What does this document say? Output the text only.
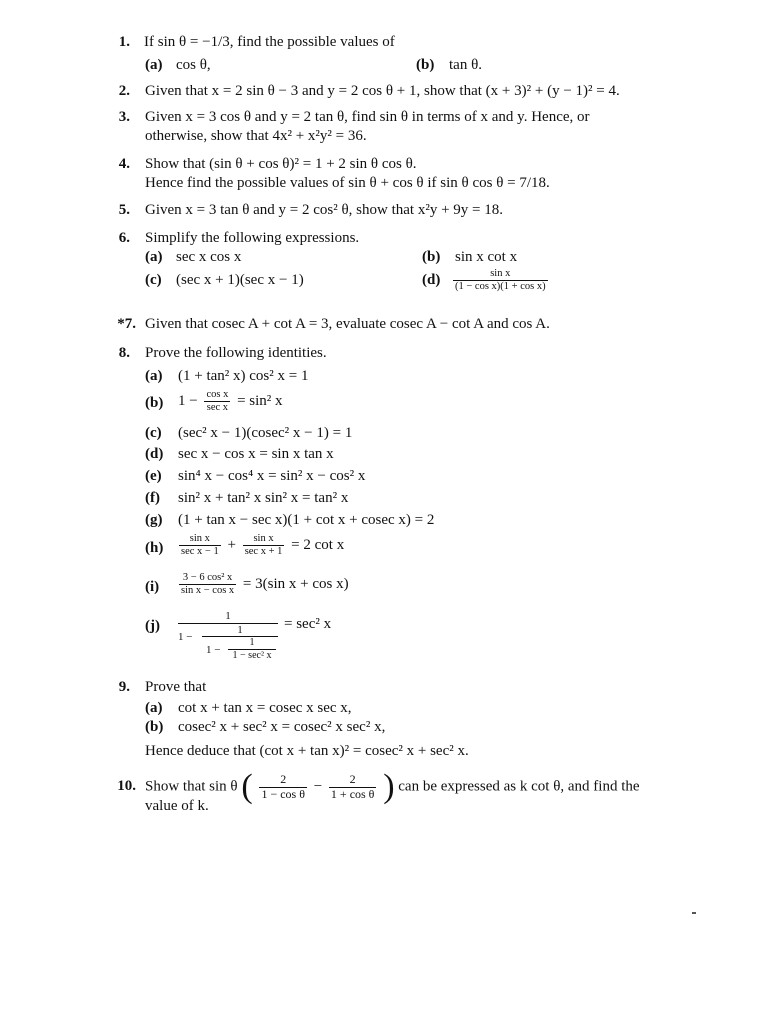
1. If sin θ = −1/3, find the possible values of
(a) cos θ,	(b) tan θ.
2. Given that x = 2 sin θ − 3 and y = 2 cos θ + 1, show that (x + 3)² + (y − 1)² = 4.
3. Given x = 3 cos θ and y = 2 tan θ, find sin θ in terms of x and y. Hence, or
otherwise, show that 4x² + x²y² = 36.
4. Show that (sin θ + cos θ)² = 1 + 2 sin θ cos θ.
Hence find the possible values of sin θ + cos θ if sin θ cos θ = 7/18.
5. Given x = 3 tan θ and y = 2 cos² θ, show that x²y + 9y = 18.
6. Simplify the following expressions.
(a) sec x cos x	(b) sin x cot x
(c) (sec x + 1)(sec x − 1)	$(d) \frac{\text{sin x}}{\text{(1 − cos x)(1 + cos x)}}$
*7. Given that cosec A + cot A = 3, evaluate cosec A − cot A and cos A.
8. Prove the following identities.
(a) (1 + tan² x) cos² x = 1
(b) $1 - \frac{\text{cos x}}{\text{sec x}} = \sin^2$ x
(c) (sec² x − 1)(cosec² x − 1) = 1
(d) sec x − cos x = sin x tan x
(e) sin⁴ x − cos⁴ x = sin² x − cos² x
(f) sin² x + tan² x sin² x = tan² x
(g) (1 + tan x − sec x)(1 + cot x + cosec x) = 2
$(h) \frac{\text{sin x}}{\text{sec x − 1}} + \frac{\text{sin x}}{\text{sec x + 1}} = 2$ cot x
$(i) \frac{\text{3 − 6 cos² x}}{\text{sin x − cos x}} = 3(\sin$ x + cos x)
(j)
1
1 −
1
1 −
1
1 − sec² x
= sec² x
9. Prove that
(a) cot x + tan x = cosec x sec x,
(b) cosec² x + sec² x = cosec² x sec² x,
Hence deduce that (cot x + tan x)² = cosec² x + sec² x.
10. Show that sin θ ( $\frac{2}{\text{1 − cos θ}} - \frac{2}{\text{1 + cos θ}}$ ) can be expressed as k cot θ, and find the
value of k.
